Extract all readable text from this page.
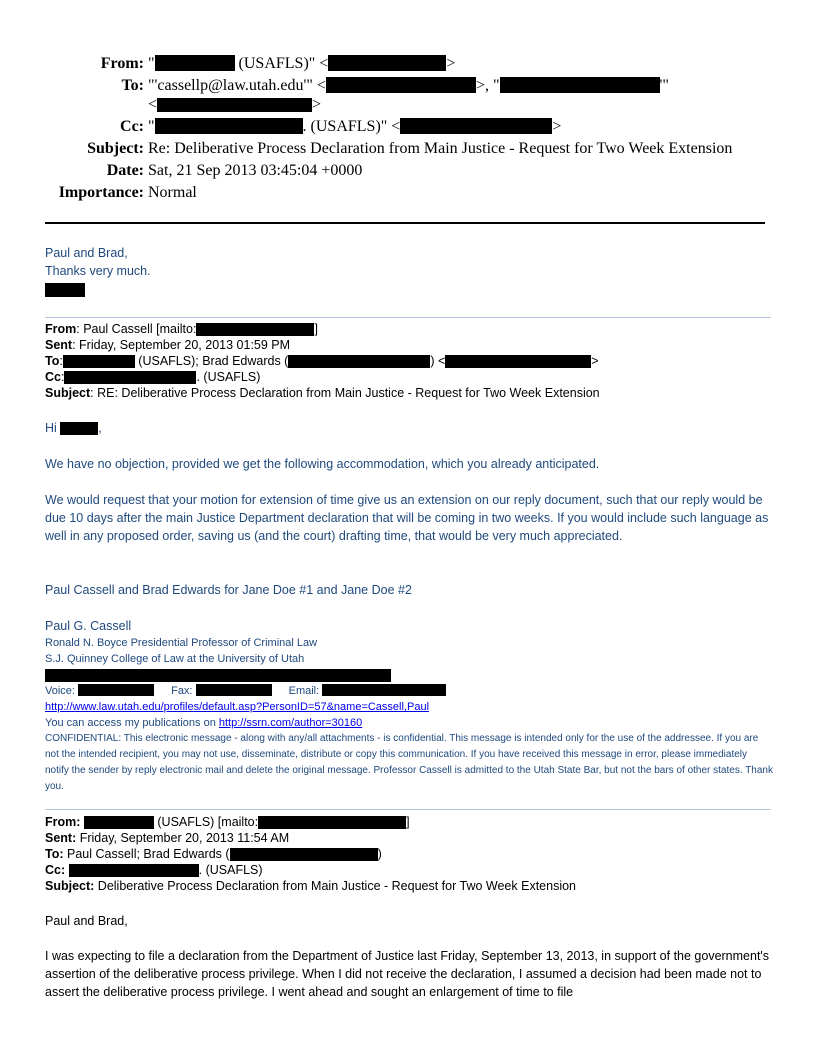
From: "	(USAFLS)" <	>
To: "'cassellp@law.utah.edu'" <	>, "	'"
<	>
Cc: "	. (USAFLS)" <	>
Subject: Re: Deliberative Process Declaration from Main Justice - Request for Two Week Extension
Date: Sat, 21 Sep 2013 03:45:04 +0000
Importance: Normal
Paul and Brad,
Thanks very much.
From: Paul Cassell [mailto:	]
Sent: Friday, September 20, 2013 01:59 PM
To:	(USAFLS); Brad Edwards (	) <	>
Cc:	. (USAFLS)
Subject: RE: Deliberative Process Declaration from Main Justice - Request for Two Week Extension
Hi	,
We have no objection, provided we get the following accommodation, which you already anticipated.
We would request that your motion for extension of time give us an extension on our reply document, such that our reply would be due 10 days after the main Justice Department declaration that will be coming in two weeks. If you would include such language as well in any proposed order, saving us (and the court) drafting time, that would be very much appreciated.
Paul Cassell and Brad Edwards for Jane Doe #1 and Jane Doe #2
Paul G. Cassell
Ronald N. Boyce Presidential Professor of Criminal Law
S.J. Quinney College of Law at the University of Utah
Voice:	Fax:	Email:
http://www.law.utah.edu/profiles/default.asp?PersonID=57&name=Cassell,Paul
You can access my publications on http://ssrn.com/author=30160
CONFIDENTIAL: This electronic message - along with any/all attachments - is confidential. This message is intended only for the use of the addressee. If you are not the intended recipient, you may not use, disseminate, distribute or copy this communication. If you have received this message in error, please immediately notify the sender by reply electronic mail and delete the original message. Professor Cassell is admitted to the Utah State Bar, but not the bars of other states. Thank you.
From:	(USAFLS) [mailto:	]
Sent: Friday, September 20, 2013 11:54 AM
To: Paul Cassell; Brad Edwards (	)
Cc:	. (USAFLS)
Subject: Deliberative Process Declaration from Main Justice - Request for Two Week Extension
Paul and Brad,
I was expecting to file a declaration from the Department of Justice last Friday, September 13, 2013, in support of the government's assertion of the deliberative process privilege. When I did not receive the declaration, I assumed a decision had been made not to assert the deliberative process privilege. I went ahead and sought an enlargement of time to file
